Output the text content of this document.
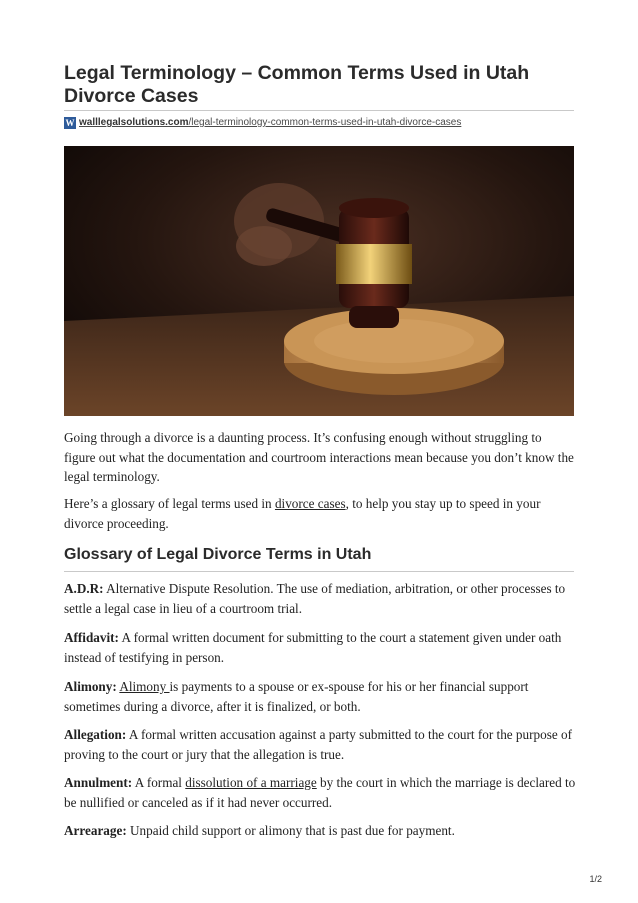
Legal Terminology – Common Terms Used in Utah Divorce Cases
W walllegalsolutions.com/legal-terminology-common-terms-used-in-utah-divorce-cases

Going through a divorce is a daunting process. It’s confusing enough without struggling to figure out what the documentation and courtroom interactions mean because you don’t know the legal terminology.

Here’s a glossary of legal terms used in divorce cases, to help you stay up to speed in your divorce proceeding.

Glossary of Legal Divorce Terms in Utah

A.D.R: Alternative Dispute Resolution. The use of mediation, arbitration, or other processes to settle a legal case in lieu of a courtroom trial.

Affidavit: A formal written document for submitting to the court a statement given under oath instead of testifying in person.

Alimony: Alimony is payments to a spouse or ex-spouse for his or her financial support sometimes during a divorce, after it is finalized, or both.

Allegation: A formal written accusation against a party submitted to the court for the purpose of proving to the court or jury that the allegation is true.

Annulment: A formal dissolution of a marriage by the court in which the marriage is declared to be nullified or canceled as if it had never occurred.

Arrearage: Unpaid child support or alimony that is past due for payment.

1/2
